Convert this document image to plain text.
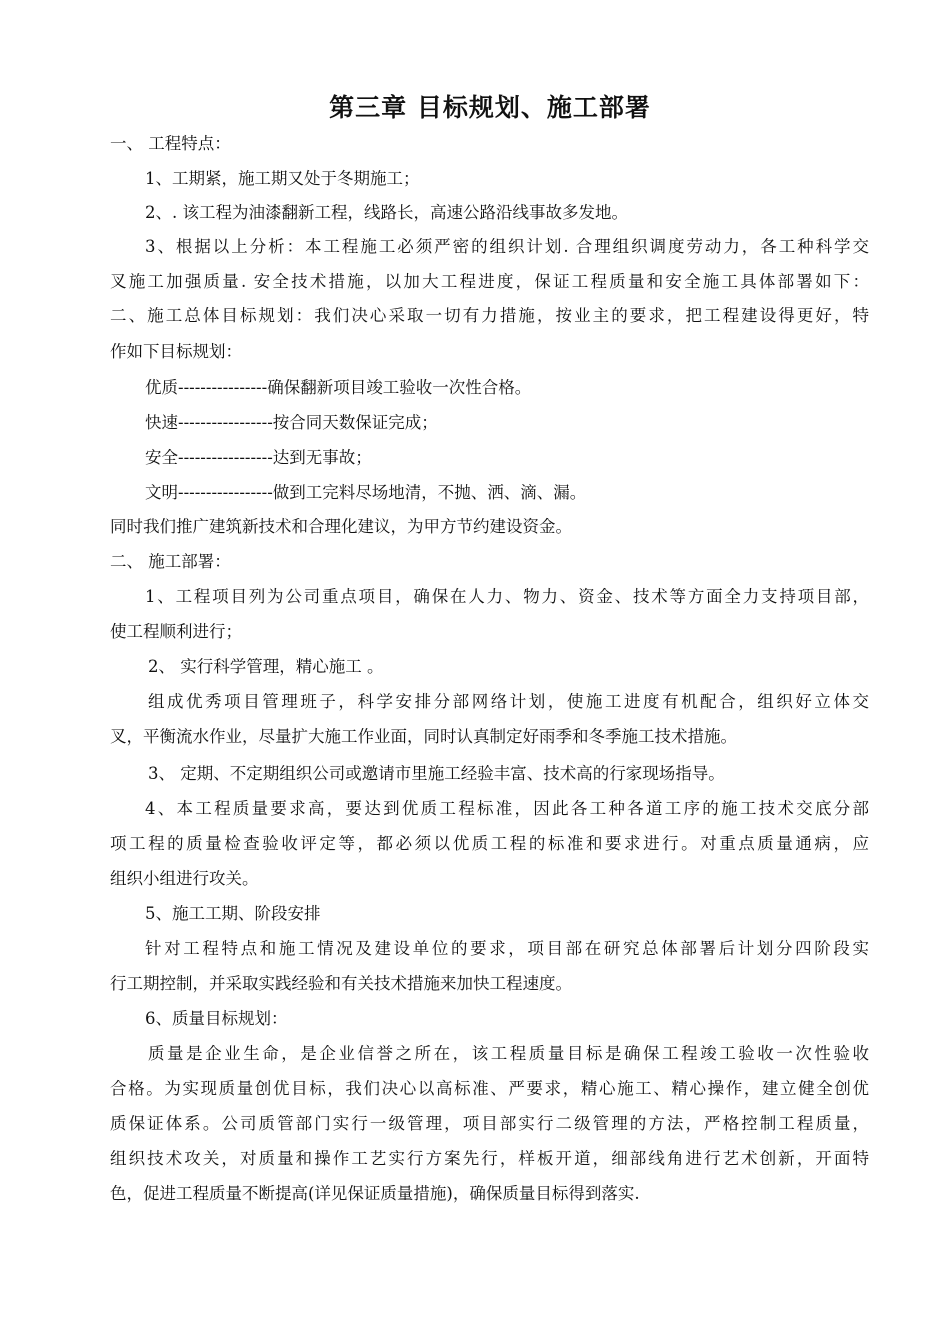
第三章 目标规划、施工部署
一、 工程特点：
1、工期紧，施工期又处于冬期施工；
2、. 该工程为油漆翻新工程，线路长，高速公路沿线事故多发地。
3、根据以上分析：本工程施工必须严密的组织计划. 合理组织调度劳动力，各工种科学交
叉施工加强质量. 安全技术措施，以加大工程进度，保证工程质量和安全施工具体部署如下：
二、施工总体目标规划：我们决心采取一切有力措施，按业主的要求，把工程建设得更好，特
作如下目标规划：
优质----------------确保翻新项目竣工验收一次性合格。
快速-----------------按合同天数保证完成；
安全-----------------达到无事故；
文明-----------------做到工完料尽场地清，不抛、洒、滴、漏。
同时我们推广建筑新技术和合理化建议，为甲方节约建设资金。
二、 施工部署：
1、工程项目列为公司重点项目，确保在人力、物力、资金、技术等方面全力支持项目部，
使工程顺利进行；
2、 实行科学管理，精心施工 。
组成优秀项目管理班子，科学安排分部网络计划，使施工进度有机配合，组织好立体交
叉，平衡流水作业，尽量扩大施工作业面，同时认真制定好雨季和冬季施工技术措施。
3、 定期、不定期组织公司或邀请市里施工经验丰富、技术高的行家现场指导。
4、本工程质量要求高，要达到优质工程标准，因此各工种各道工序的施工技术交底分部
项工程的质量检查验收评定等，都必须以优质工程的标准和要求进行。对重点质量通病，应
组织小组进行攻关。
5、施工工期、阶段安排
针对工程特点和施工情况及建设单位的要求，项目部在研究总体部署后计划分四阶段实
行工期控制，并采取实践经验和有关技术措施来加快工程速度。
6、质量目标规划：
质量是企业生命，是企业信誉之所在，该工程质量目标是确保工程竣工验收一次性验收
合格。为实现质量创优目标，我们决心以高标准、严要求，精心施工、精心操作，建立健全创优
质保证体系。公司质管部门实行一级管理，项目部实行二级管理的方法，严格控制工程质量，
组织技术攻关，对质量和操作工艺实行方案先行，样板开道，细部线角进行艺术创新，开面特
色，促进工程质量不断提高(详见保证质量措施)，确保质量目标得到落实.
